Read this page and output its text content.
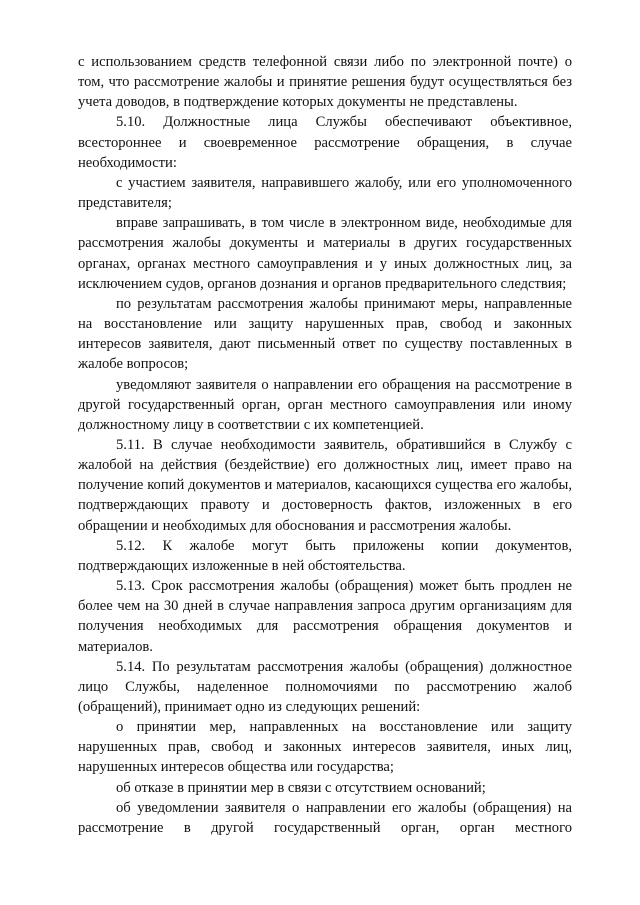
с использованием средств телефонной связи либо по электронной почте) о том, что рассмотрение жалобы и принятие решения будут осуществляться без учета доводов, в подтверждение которых документы не представлены.

5.10. Должностные лица Службы обеспечивают объективное, всестороннее и своевременное рассмотрение обращения, в случае необходимости:

с участием заявителя, направившего жалобу, или его уполномоченного представителя;

вправе запрашивать, в том числе в электронном виде, необходимые для рассмотрения жалобы документы и материалы в других государственных органах, органах местного самоуправления и у иных должностных лиц, за исключением судов, органов дознания и органов предварительного следствия;

по результатам рассмотрения жалобы принимают меры, направленные на восстановление или защиту нарушенных прав, свобод и законных интересов заявителя, дают письменный ответ по существу поставленных в жалобе вопросов;

уведомляют заявителя о направлении его обращения на рассмотрение в другой государственный орган, орган местного самоуправления или иному должностному лицу в соответствии с их компетенцией.

5.11. В случае необходимости заявитель, обратившийся в Службу с жалобой на действия (бездействие) его должностных лиц, имеет право на получение копий документов и материалов, касающихся существа его жалобы, подтверждающих правоту и достоверность фактов, изложенных в его обращении и необходимых для обоснования и рассмотрения жалобы.

5.12. К жалобе могут быть приложены копии документов, подтверждающих изложенные в ней обстоятельства.

5.13. Срок рассмотрения жалобы (обращения) может быть продлен не более чем на 30 дней в случае направления запроса другим организациям для получения необходимых для рассмотрения обращения документов и материалов.

5.14. По результатам рассмотрения жалобы (обращения) должностное лицо Службы, наделенное полномочиями по рассмотрению жалоб (обращений), принимает одно из следующих решений:

о принятии мер, направленных на восстановление или защиту нарушенных прав, свобод и законных интересов заявителя, иных лиц, нарушенных интересов общества или государства;

об отказе в принятии мер в связи с отсутствием оснований;

об уведомлении заявителя о направлении его жалобы (обращения) на рассмотрение в другой государственный орган, орган местного
